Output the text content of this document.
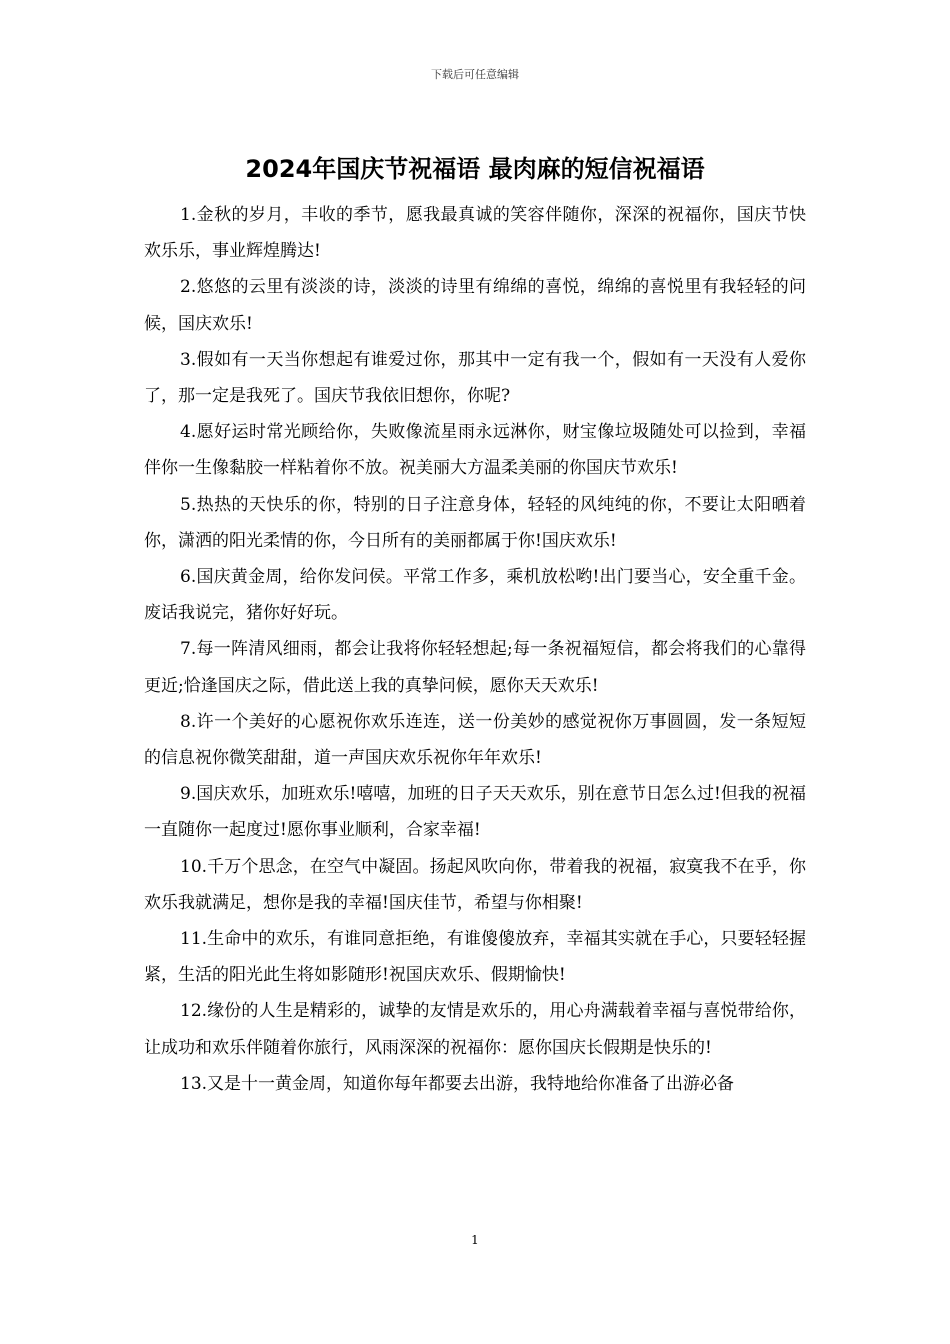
下载后可任意编辑
2024年国庆节祝福语 最肉麻的短信祝福语
1.金秋的岁月，丰收的季节，愿我最真诚的笑容伴随你，深深的祝福你，国庆节快欢乐乐，事业辉煌腾达!
2.悠悠的云里有淡淡的诗，淡淡的诗里有绵绵的喜悦，绵绵的喜悦里有我轻轻的问候，国庆欢乐!
3.假如有一天当你想起有谁爱过你，那其中一定有我一个，假如有一天没有人爱你了，那一定是我死了。国庆节我依旧想你，你呢?
4.愿好运时常光顾给你，失败像流星雨永远淋你，财宝像垃圾随处可以捡到，幸福伴你一生像黏胶一样粘着你不放。祝美丽大方温柔美丽的你国庆节欢乐!
5.热热的天快乐的你，特别的日子注意身体，轻轻的风纯纯的你，不要让太阳晒着你，潇洒的阳光柔情的你，今日所有的美丽都属于你!国庆欢乐!
6.国庆黄金周，给你发问侯。平常工作多，乘机放松哟!出门要当心，安全重千金。废话我说完，猪你好好玩。
7.每一阵清风细雨，都会让我将你轻轻想起;每一条祝福短信，都会将我们的心靠得更近;恰逢国庆之际，借此送上我的真挚问候，愿你天天欢乐!
8.许一个美好的心愿祝你欢乐连连，送一份美妙的感觉祝你万事圆圆，发一条短短的信息祝你微笑甜甜，道一声国庆欢乐祝你年年欢乐!
9.国庆欢乐，加班欢乐!嘻嘻，加班的日子天天欢乐，别在意节日怎么过!但我的祝福一直随你一起度过!愿你事业顺利，合家幸福!
10.千万个思念，在空气中凝固。扬起风吹向你，带着我的祝福，寂寞我不在乎，你欢乐我就满足，想你是我的幸福!国庆佳节，希望与你相聚!
11.生命中的欢乐，有谁同意拒绝，有谁傻傻放弃，幸福其实就在手心，只要轻轻握紧，生活的阳光此生将如影随形!祝国庆欢乐、假期愉快!
12.缘份的人生是精彩的，诚挚的友情是欢乐的，用心舟满载着幸福与喜悦带给你，让成功和欢乐伴随着你旅行，风雨深深的祝福你：愿你国庆长假期是快乐的!
13.又是十一黄金周，知道你每年都要去出游，我特地给你准备了出游必备
1
